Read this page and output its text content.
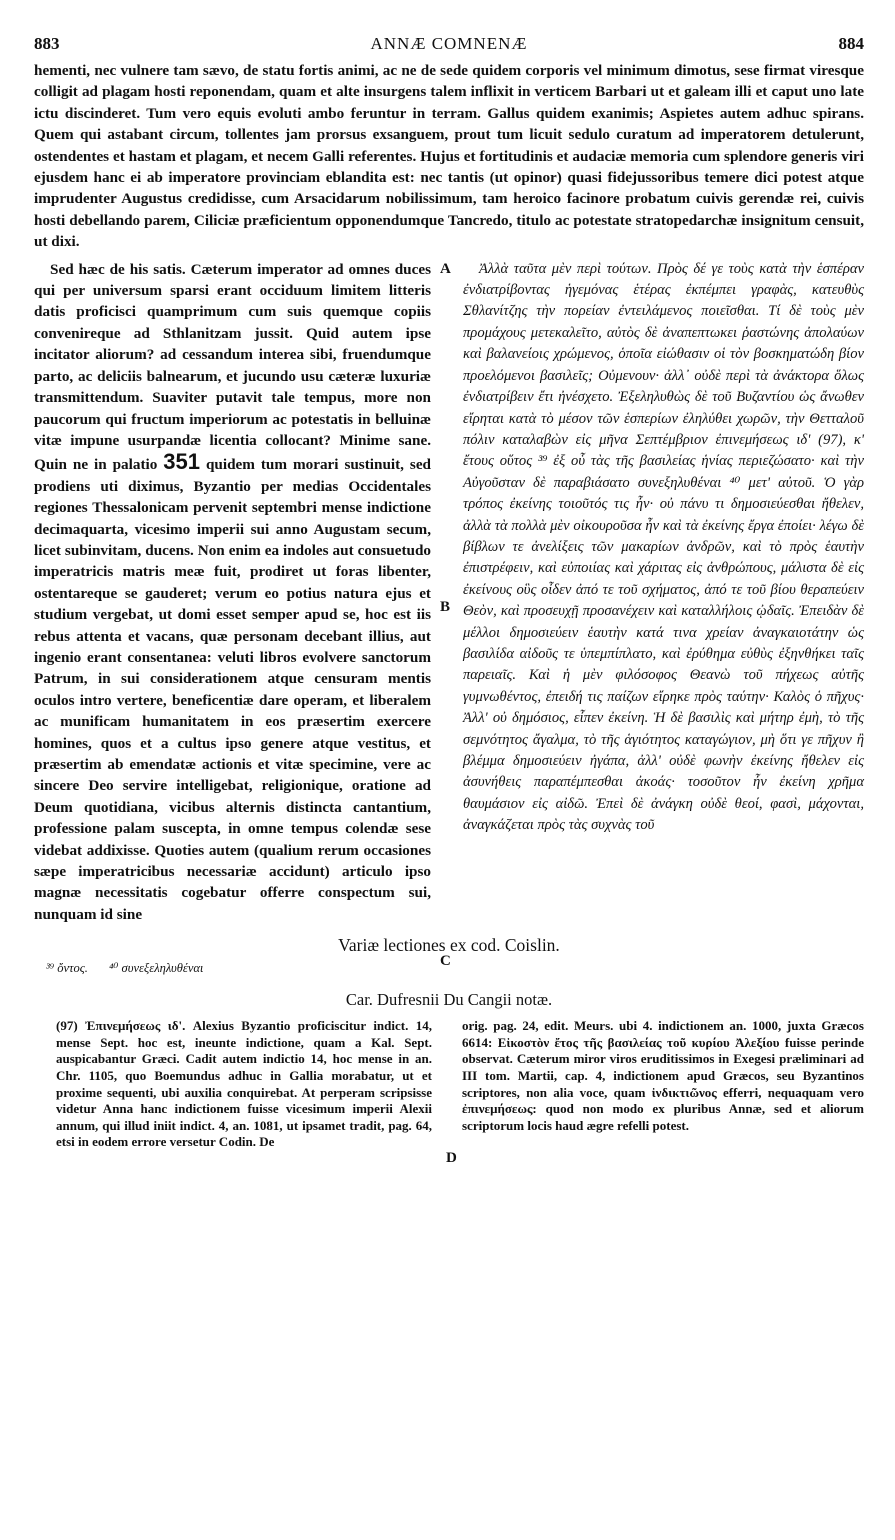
883	ANNÆ COMNENÆ	884

hementi, nec vulnere tam sævo, de statu fortis animi, ac ne de sede quidem corporis vel minimum dimotus, sese firmat viresque colligit ad plagam hosti reponendam, quam et alte insurgens talem inflixit in verticem Barbari ut et galeam illi et caput uno late ictu discinderet. Tum vero equis evoluti ambo feruntur in terram. Gallus quidem exanimis; Aspietes autem adhuc spirans. Quem qui astabant circum, tollentes jam prorsus exsanguem, prout tum licuit sedulo curatum ad imperatorem detulerunt, ostendentes et hastam et plagam, et necem Galli referentes. Hujus et fortitudinis et audaciæ memoria cum splendore generis viri ejusdem hanc ei ab imperatore provinciam eblandita est: nec tantis (ut opinor) quasi fidejussoribus temere dici potest atque imprudenter Augustus credidisse, cum Arsacidarum nobilissimum, tam heroico facinore probatum cuivis gerendæ rei, cuivis hosti debellando parem, Ciliciæ præficientum opponendumque Tancredo, titulo ac potestate stratopedarchæ insignitum censuit, ut dixi.

A
B
C

Sed hæc de his satis. Cæterum imperator ad omnes duces qui per universum sparsi erant occiduum limitem litteris datis proficisci quamprimum cum suis quemque copiis convenireque ad Sthlanitzam jussit. Quid autem ipse incitator aliorum? ad cessandum interea sibi, fruendumque parto, ac deliciis balnearum, et jucundo usu cæteræ luxuriæ transmittendum. Suaviter putavit tale tempus, more non paucorum qui fructum imperiorum ac potestatis in belluinæ vitæ impune usurpandæ licentia collocant? Minime sane. Quin ne in palatio 351 quidem tum morari sustinuit, sed prodiens uti diximus, Byzantio per medias Occidentales regiones Thessalonicam pervenit septembri mense indictione decimaquarta, vicesimo imperii sui anno Augustam secum, licet subinvitam, ducens. Non enim ea indoles aut consuetudo imperatricis matris meæ fuit, prodiret ut foras libenter, ostentareque se gauderet; verum eo potius natura ejus et studium vergebat, ut domi esset semper apud se, hoc est iis rebus attenta et vacans, quæ personam decebant illius, aut ingenio erant consentanea: veluti libros evolvere sanctorum Patrum, in sui considerationem atque censuram mentis oculos intro vertere, beneficentiæ dare operam, et liberalem ac munificam humanitatem in eos præsertim exercere homines, quos et a cultus ipso genere atque vestitus, et præsertim ab emendatæ actionis et vitæ specimine, vere ac sincere Deo servire intelligebat, religionique, oratione ad Deum quotidiana, vicibus alternis distincta cantantium, professione palam suscepta, in omne tempus colendæ sese videbat addixisse. Quoties autem (qualium rerum occasiones sæpe imperatricibus necessariæ accidunt) articulo ipso magnæ necessitatis cogebatur offerre conspectum sui, nunquam id sine

Ἀλλὰ ταῦτα μὲν περὶ τούτων. Πρὸς δέ γε τοὺς κατὰ τὴν ἑσπέραν ἐνδιατρίβοντας ἡγεμόνας ἑτέρας ἐκπέμπει γραφὰς, κατευθὺς Σθλανίτζης τὴν πορείαν ἐντειλάμενος ποιεῖσθαι. Τί δὲ τοὺς μὲν προμάχους μετεκαλεῖτο, αὐτὸς δὲ ἀναπεπτωκει ῥαστώνης ἀπολαύων καὶ βαλανείοις χρώμενος, ὁποῖα εἰώθασιν οἱ τὸν βοσκηματώδη βίον προελόμενοι βασιλεῖς; Οὐμενουν· ἀλλ᾽ οὐδὲ περὶ τὰ ἀνάκτορα ὅλως ἐνδιατρίβειν ἔτι ἠνέσχετο. Ἐξεληλυθὼς δὲ τοῦ Βυζαντίου ὡς ἄνωθεν εἴρηται κατὰ τὸ μέσον τῶν ἑσπερίων ἐληλύθει χωρῶν, τὴν Θετταλοῦ πόλιν καταλαβὼν εἰς μῆνα Σεπτέμβριον ἐπινεμήσεως ιδ' (97), κ' ἔτους οὕτος ³⁹ ἐξ οὗ τὰς τῆς βασιλείας ἡνίας περιεζώσατο· καὶ τὴν Αὐγοῦσταν δὲ παραβιάσατο συνεξηλυθέναι ⁴⁰ μετ' αὐτοῦ. Ὁ γὰρ τρόπος ἐκείνης τοιοῦτός τις ἦν· οὐ πάνυ τι δημοσιεύεσθαι ἤθελεν, ἀλλὰ τὰ πολλὰ μὲν οἰκουροῦσα ἦν καὶ τὰ ἐκείνης ἔργα ἐποίει· λέγω δὲ βίβλων τε ἀνελίξεις τῶν μακαρίων ἀνδρῶν, καὶ τὸ πρὸς ἑαυτὴν ἐπιστρέφειν, καὶ εὐποιίας καὶ χάριτας εἰς ἀνθρώπους, μάλιστα δὲ εἰς ἐκείνους οὓς οἶδεν ἀπό τε τοῦ σχήματος, ἀπό τε τοῦ βίου θεραπεύειν Θεὸν, καὶ προσευχῇ προσανέχειν καὶ καταλλήλοις ᾠδαῖς. Ἐπειδὰν δὲ μέλλοι δημοσιεύειν ἑαυτὴν κατά τινα χρείαν ἀναγκαιοτάτην ὡς βασιλίδα αἰδοῦς τε ὑπεμπίπλατο, καὶ ἐρύθημα εὐθὺς ἐξηνθήκει ταῖς παρειαῖς. Καὶ ἡ μὲν φιλόσοφος Θεανὼ τοῦ πήχεως αὐτῆς γυμνωθέντος, ἐπειδή τις παίζων εἴρηκε πρὸς ταύτην· Καλὸς ὁ πῆχυς· Ἀλλ' οὐ δημόσιος, εἶπεν ἐκείνη. Ἡ δὲ βασιλὶς καὶ μήτηρ ἐμὴ, τὸ τῆς σεμνότητος ἄγαλμα, τὸ τῆς ἁγιότητος καταγώγιον, μὴ ὅτι γε πῆχυν ἢ βλέμμα δημοσιεύειν ἠγάπα, ἀλλ' οὐδὲ φωνὴν ἐκείνης ἤθελεν εἰς ἀσυνήθεις παραπέμπεσθαι ἀκοάς· τοσοῦτον ἦν ἐκείνη χρῆμα θαυμάσιον εἰς αἰδῶ. Ἐπεὶ δὲ ἀνάγκη οὐδὲ θεοί, φασὶ, μάχονται, ἀναγκάζεται πρὸς τὰς συχνὰς τοῦ

Variæ lectiones ex cod. Coislin.
³⁹ ὄντος. ⁴⁰ συνεξεληλυθέναι
Car. Dufresnii Du Cangii notæ.

(97) Ἐπινεμήσεως ιδ'. Alexius Byzantio proficiscitur indict. 14, mense Sept. hoc est, ineunte indictione, quam a Kal. Sept. auspicabantur Græci. Cadit autem indictio 14, hoc mense in an. Chr. 1105, quo Boemundus adhuc in Gallia morabatur, ut et proxime sequenti, ubi auxilia conquirebat. At perperam scripsisse videtur Anna hanc indictionem fuisse vicesimum imperii Alexii annum, qui illud iniit indict. 4, an. 1081, ut ipsamet tradit, pag. 64, etsi in eodem errore versetur Codin. De

D

orig. pag. 24, edit. Meurs. ubi 4. indictionem an. 1000, juxta Græcos 6614: Εἰκοστὸν ἔτος τῆς βασιλείας τοῦ κυρίου Ἀλεξίου fuisse perinde observat. Cæterum miror viros eruditissimos in Exegesi præliminari ad III tom. Martii, cap. 4, indictionem apud Græcos, seu Byzantinos scriptores, non alia voce, quam ἰνδικτιῶνος efferri, nequaquam vero ἐπινεμήσεως: quod non modo ex pluribus Annæ, sed et aliorum scriptorum locis haud ægre refelli potest.
